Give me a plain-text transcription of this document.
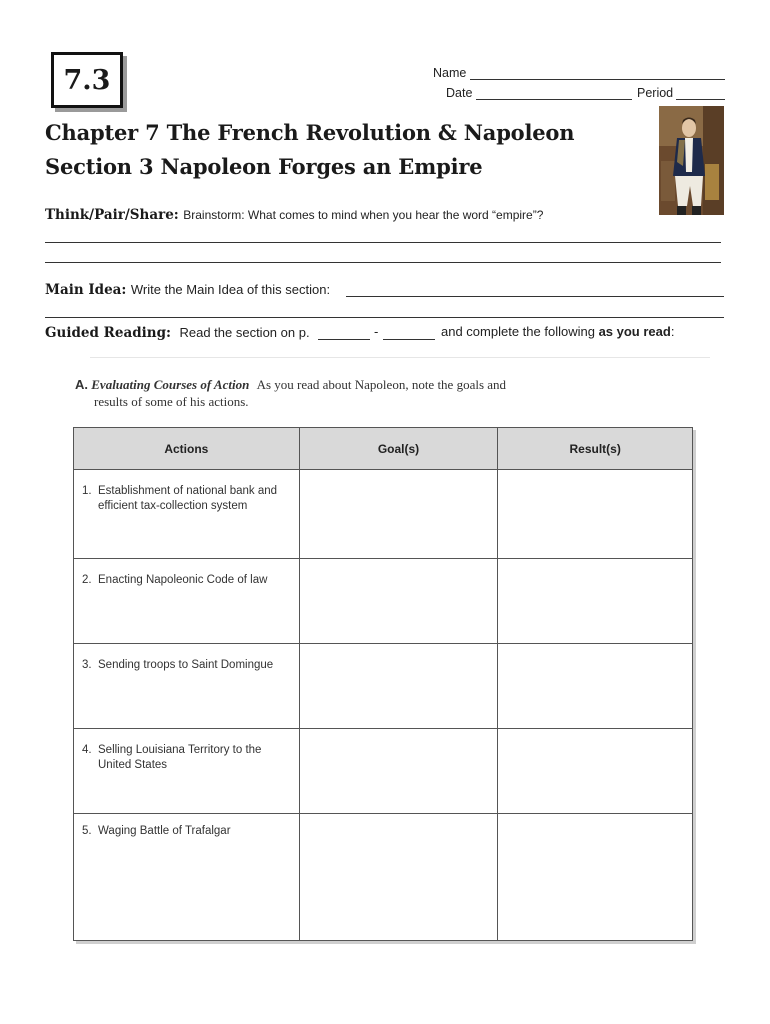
7.3	Name
Date	Period
Chapter 7 The French Revolution & Napoleon
Section 3 Napoleon Forges an Empire
Think/Pair/Share: Brainstorm: What comes to mind when you hear the word “empire”?
Main Idea: Write the Main Idea of this section:
Guided Reading: Read the section on p.	-	and complete the following as you read:
A. Evaluating Courses of Action As you read about Napoleon, note the goals and
results of some of his actions.
Actions	Goal(s)	Result(s)

1. Establishment of national bank and
efficient tax-collection system		

2. Enacting Napoleonic Code of law		

3. Sending troops to Saint Domingue		

4. Selling Louisiana Territory to the
United States		

5. Waging Battle of Trafalgar		
